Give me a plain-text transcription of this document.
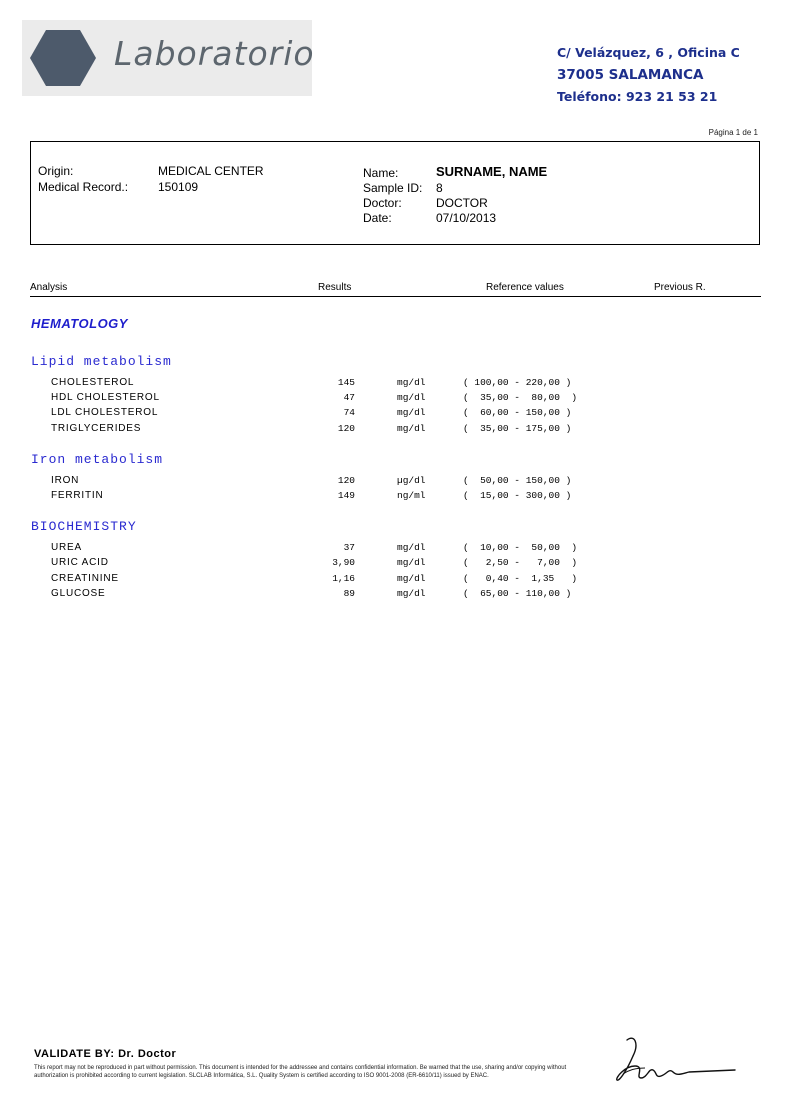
Laboratorio	C/ Velázquez, 6 , Oficina C
37005 SALAMANCA
Teléfono: 923 21 53 21
Página 1 de 1
Origin:	MEDICAL CENTER
Medical Record.: 150109
Name:	SURNAME, NAME
Sample ID: 8
Doctor:	DOCTOR
Date:	07/10/2013
Analysis	Results	Reference values	Previous R.
HEMATOLOGY
Lipid metabolism
CHOLESTEROL	145	mg/dl	( 100,00 - 220,00 )
HDL CHOLESTEROL	47	mg/dl	(  35,00 -  80,00  )
LDL CHOLESTEROL	74	mg/dl	(  60,00 - 150,00 )
TRIGLYCERIDES	120	mg/dl	(  35,00 - 175,00 )
Iron metabolism
IRON	120	µg/dl	(  50,00 - 150,00 )
FERRITIN	149	ng/ml	(  15,00 - 300,00 )
BIOCHEMISTRY
UREA	37	mg/dl	(  10,00 -  50,00  )
URIC ACID	3,90	mg/dl	(   2,50 -   7,00  )
CREATININE	1,16	mg/dl	(   0,40 -  1,35   )
GLUCOSE	89	mg/dl	(  65,00 - 110,00 )
VALIDATE BY: Dr. Doctor
This report may not be reproduced in part without permission. This document is intended for the addressee and contains confidential information. Be warned that the use, sharing and/or copying without authorization is prohibited according to current legislation. SLCLAB Informática, S.L. Quality System is certified according to ISO 9001-2008 (ER-6610/11) issued by ENAC.
